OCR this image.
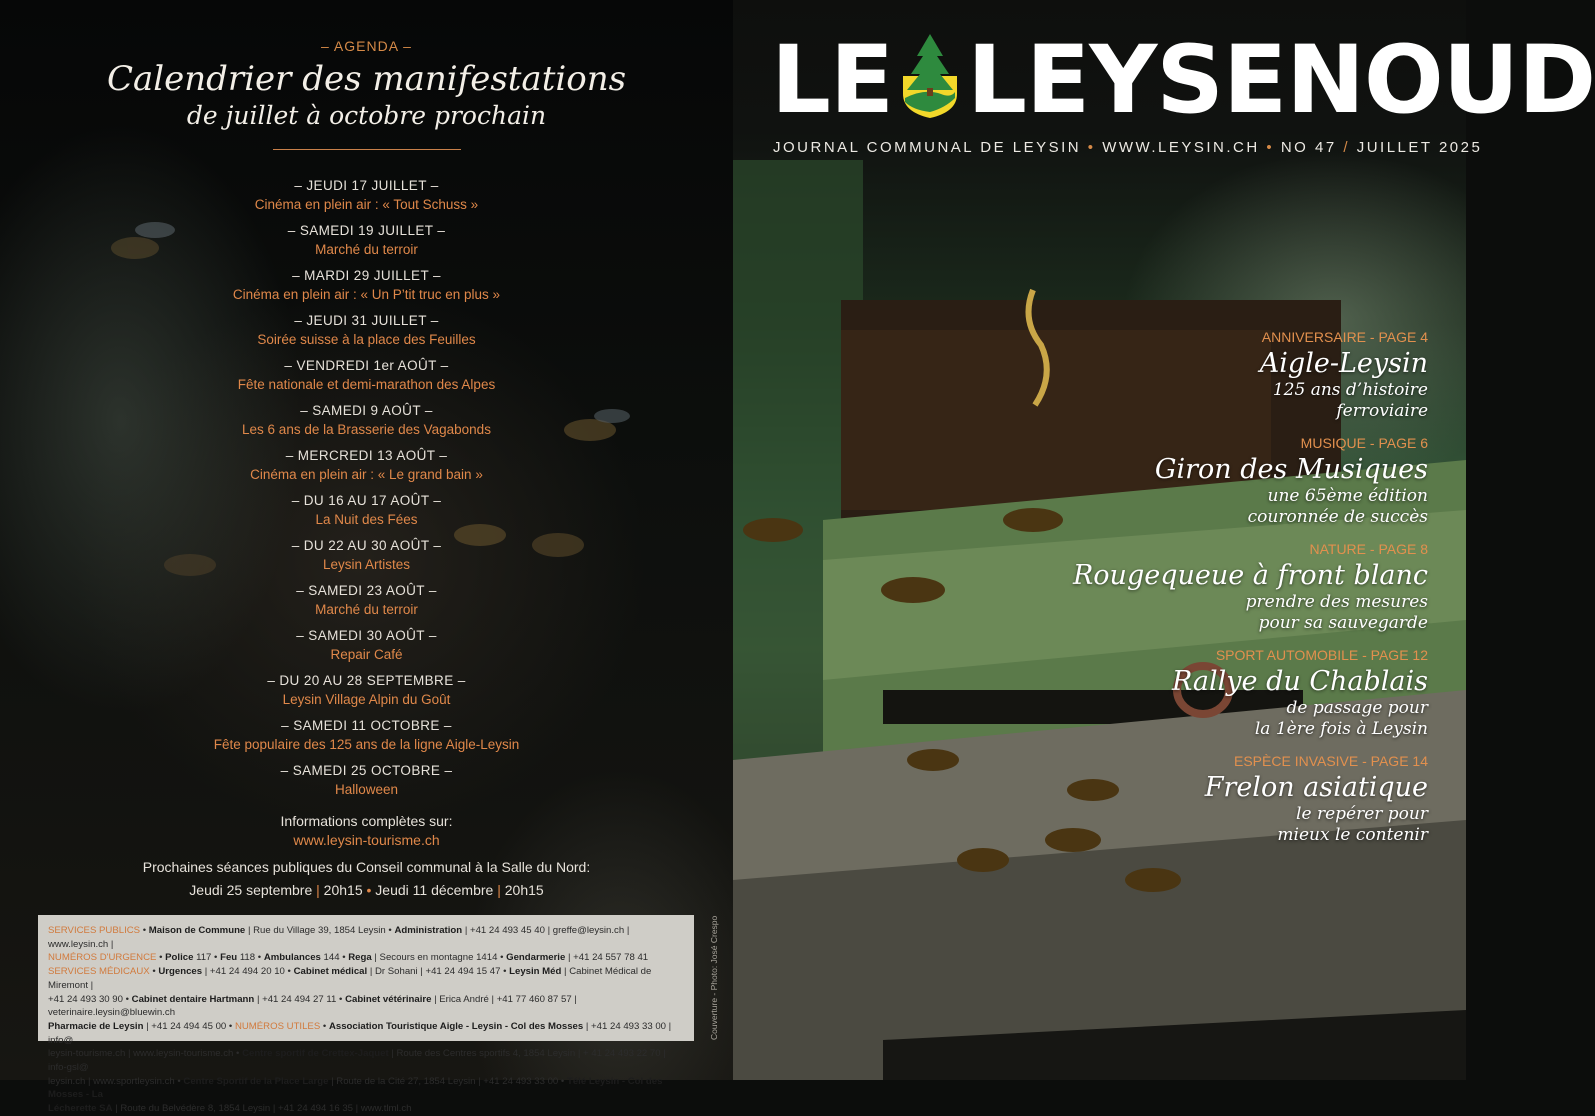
– AGENDA –
Calendrier des manifestations
de juillet à octobre prochain
– JEUDI 17 JUILLET –
Cinéma en plein air : « Tout Schuss »
– SAMEDI 19 JUILLET –
Marché du terroir
– MARDI 29 JUILLET –
Cinéma en plein air : « Un P’tit truc en plus »
– JEUDI 31 JUILLET –
Soirée suisse à la place des Feuilles
– VENDREDI 1er AOÛT –
Fête nationale et demi-marathon des Alpes
– SAMEDI 9 AOÛT –
Les 6 ans de la Brasserie des Vagabonds
– MERCREDI 13 AOÛT –
Cinéma en plein air : « Le grand bain »
– DU 16 AU 17 AOÛT –
La Nuit des Fées
– DU 22 AU 30 AOÛT –
Leysin Artistes
– SAMEDI 23 AOÛT –
Marché du terroir
– SAMEDI 30 AOÛT –
Repair Café
– DU 20 AU 28 SEPTEMBRE –
Leysin Village Alpin du Goût
– SAMEDI 11 OCTOBRE –
Fête populaire des 125 ans de la ligne Aigle-Leysin
– SAMEDI 25 OCTOBRE –
Halloween
Informations complètes sur:
www.leysin-tourisme.ch
Prochaines séances publiques du Conseil communal à la Salle du Nord:
Jeudi 25 septembre | 20h15 • Jeudi 11 décembre | 20h15
SERVICES PUBLICS • Maison de Commune | Rue du Village 39, 1854 Leysin • Administration | +41 24 493 45 40 | greffe@leysin.ch | www.leysin.ch |
NUMÉROS D'URGENCE • Police 117 • Feu 118 • Ambulances 144 • Rega | Secours en montagne 1414 • Gendarmerie | +41 24 557 78 41
SERVICES MÉDICAUX • Urgences | +41 24 494 20 10 • Cabinet médical | Dr Sohani | +41 24 494 15 47 • Leysin Méd | Cabinet Médical de Miremont |
+41 24 493 30 90 • Cabinet dentaire Hartmann | +41 24 494 27 11 • Cabinet vétérinaire | Erica André | +41 77 460 87 57 | veterinaire.leysin@bluewin.ch
Pharmacie de Leysin | +41 24 494 45 00 • NUMÉROS UTILES • Association Touristique Aigle - Leysin - Col des Mosses | +41 24 493 33 00 | info@
leysin-tourisme.ch | www.leysin-tourisme.ch • Centre sportif de Crettex-Jaquet | Route des Centres sportifs 4, 1854 Leysin | + 41 24 493 22 70 | info-gsl@
leysin.ch | www.sportleysin.ch • Centre Sportif de la Place Large | Route de la Cité 27, 1854 Leysin | +41 24 493 33 00 • Télé Leysin - Col des Mosses - La
Lécherette SA | Route du Belvédère 8, 1854 Leysin | +41 24 494 16 35 | www.tlml.ch
Couverture - Photo: José Crespo
LE LEYSENOUD
JOURNAL COMMUNAL DE LEYSIN • WWW.LEYSIN.CH • NO 47 / JUILLET 2025
ANNIVERSAIRE - PAGE 4
Aigle-Leysin
125 ans d’histoire
ferroviaire
MUSIQUE - PAGE 6
Giron des Musiques
une 65ème édition
couronnée de succès
NATURE - PAGE 8
Rougequeue à front blanc
prendre des mesures
pour sa sauvegarde
SPORT AUTOMOBILE - PAGE 12
Rallye du Chablais
de passage pour
la 1ère fois à Leysin
ESPÈCE INVASIVE - PAGE 14
Frelon asiatique
le repérer pour
mieux le contenir
